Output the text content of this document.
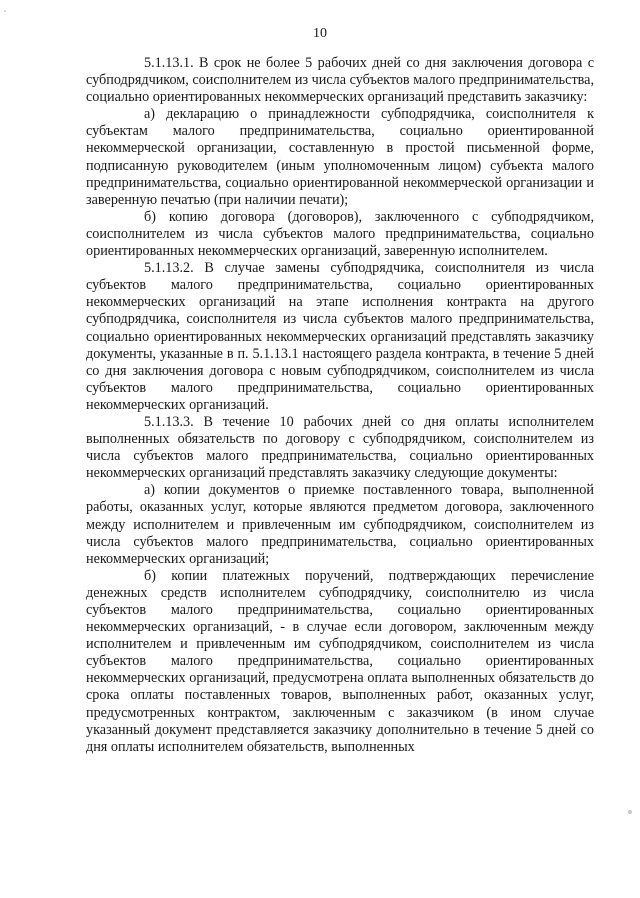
10

5.1.13.1. В срок не более 5 рабочих дней со дня заключения договора с субподрядчиком, соисполнителем из числа субъектов малого предпринимательства, социально ориентированных некоммерческих организаций представить заказчику:

а) декларацию о принадлежности субподрядчика, соисполнителя к субъектам малого предпринимательства, социально ориентированной некоммерческой организации, составленную в простой письменной форме, подписанную руководителем (иным уполномоченным лицом) субъекта малого предпринимательства, социально ориентированной некоммерческой организации и заверенную печатью (при наличии печати);

б) копию договора (договоров), заключенного с субподрядчиком, соисполнителем из числа субъектов малого предпринимательства, социально ориентированных некоммерческих организаций, заверенную исполнителем.

5.1.13.2. В случае замены субподрядчика, соисполнителя из числа субъектов малого предпринимательства, социально ориентированных некоммерческих организаций на этапе исполнения контракта на другого субподрядчика, соисполнителя из числа субъектов малого предпринимательства, социально ориентированных некоммерческих организаций представлять заказчику документы, указанные в п. 5.1.13.1 настоящего раздела контракта, в течение 5 дней со дня заключения договора с новым субподрядчиком, соисполнителем из числа субъектов малого предпринимательства, социально ориентированных некоммерческих организаций.

5.1.13.3. В течение 10 рабочих дней со дня оплаты исполнителем выполненных обязательств по договору с субподрядчиком, соисполнителем из числа субъектов малого предпринимательства, социально ориентированных некоммерческих организаций представлять заказчику следующие документы:

а) копии документов о приемке поставленного товара, выполненной работы, оказанных услуг, которые являются предметом договора, заключенного между исполнителем и привлеченным им субподрядчиком, соисполнителем из числа субъектов малого предпринимательства, социально ориентированных некоммерческих организаций;

б) копии платежных поручений, подтверждающих перечисление денежных средств исполнителем субподрядчику, соисполнителю из числа субъектов малого предпринимательства, социально ориентированных некоммерческих организаций, - в случае если договором, заключенным между исполнителем и привлеченным им субподрядчиком, соисполнителем из числа субъектов малого предпринимательства, социально ориентированных некоммерческих организаций, предусмотрена оплата выполненных обязательств до срока оплаты поставленных товаров, выполненных работ, оказанных услуг, предусмотренных контрактом, заключенным с заказчиком (в ином случае указанный документ представляется заказчику дополнительно в течение 5 дней со дня оплаты исполнителем обязательств, выполненных
